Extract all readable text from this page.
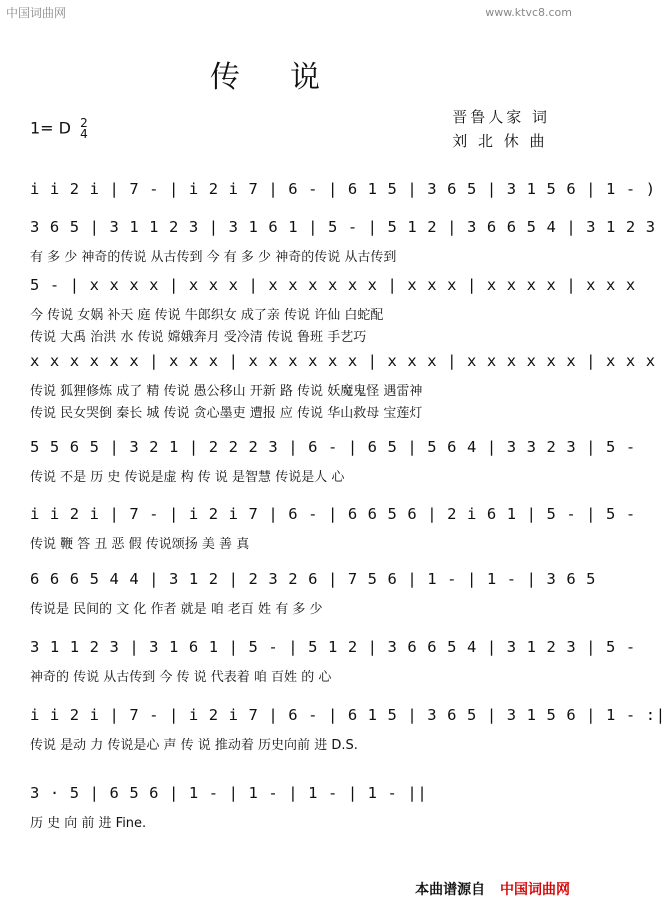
中国词曲网	www.ktvc8.com
传说
1= D 2
4
晋鲁人家 词
刘 北 休 曲
i i 2 i | 7 - | i 2 i 7 | 6 - | 6 1 5 | 3 6 5 | 3 1 5 6 | 1 - )
3 6 5 | 3 1 1 2 3 | 3 1 6 1 | 5 - | 5 1 2 | 3 6 6 5 4 | 3 1 2 3
有 多 少 神奇的传说 从古传到 今 有 多 少 神奇的传说 从古传到
5 - | x x x x | x x x | x x x x x x | x x x | x x x x | x x x
今 传说 女娲 补天 庭 传说 牛郎织女 成了亲 传说 许仙 白蛇配
传说 大禹 治洪 水 传说 嫦娥奔月 受冷清 传说 鲁班 手艺巧
x x x x x x | x x x | x x x x x x | x x x | x x x x x x | x x x
传说 狐狸修炼 成了 精 传说 愚公移山 开新 路 传说 妖魔鬼怪 遇雷神
传说 民女哭倒 秦长 城 传说 贪心墨吏 遭报 应 传说 华山救母 宝莲灯
5 5 6 5 | 3 2 1 | 2 2 2 3 | 6 - | 6 5 | 5 6 4 | 3 3 2 3 | 5 -
传说 不是 历 史 传说是虚 构 传 说 是智慧 传说是人 心
i i 2 i | 7 - | i 2 i 7 | 6 - | 6 6 5 6 | 2 i 6 1 | 5 - | 5 -
传说 鞭 答 丑 恶 假 传说颂扬 美 善 真
6 6 6 5 4 4 | 3 1 2 | 2 3 2 6 | 7 5 6 | 1 - | 1 - | 3 6 5
传说是 民间的 文 化 作者 就是 咱 老百 姓 有 多 少
3 1 1 2 3 | 3 1 6 1 | 5 - | 5 1 2 | 3 6 6 5 4 | 3 1 2 3 | 5 -
神奇的 传说 从古传到 今 传 说 代表着 咱 百姓 的 心
i i 2 i | 7 - | i 2 i 7 | 6 - | 6 1 5 | 3 6 5 | 3 1 5 6 | 1 - :|
传说 是动 力 传说是心 声 传 说 推动着 历史向前 进 D.S.
3 · 5 | 6 5 6 | 1 - | 1 - | 1 - | 1 - ||
历 史 向 前 进 Fine.
本曲谱源自 中国词曲网
